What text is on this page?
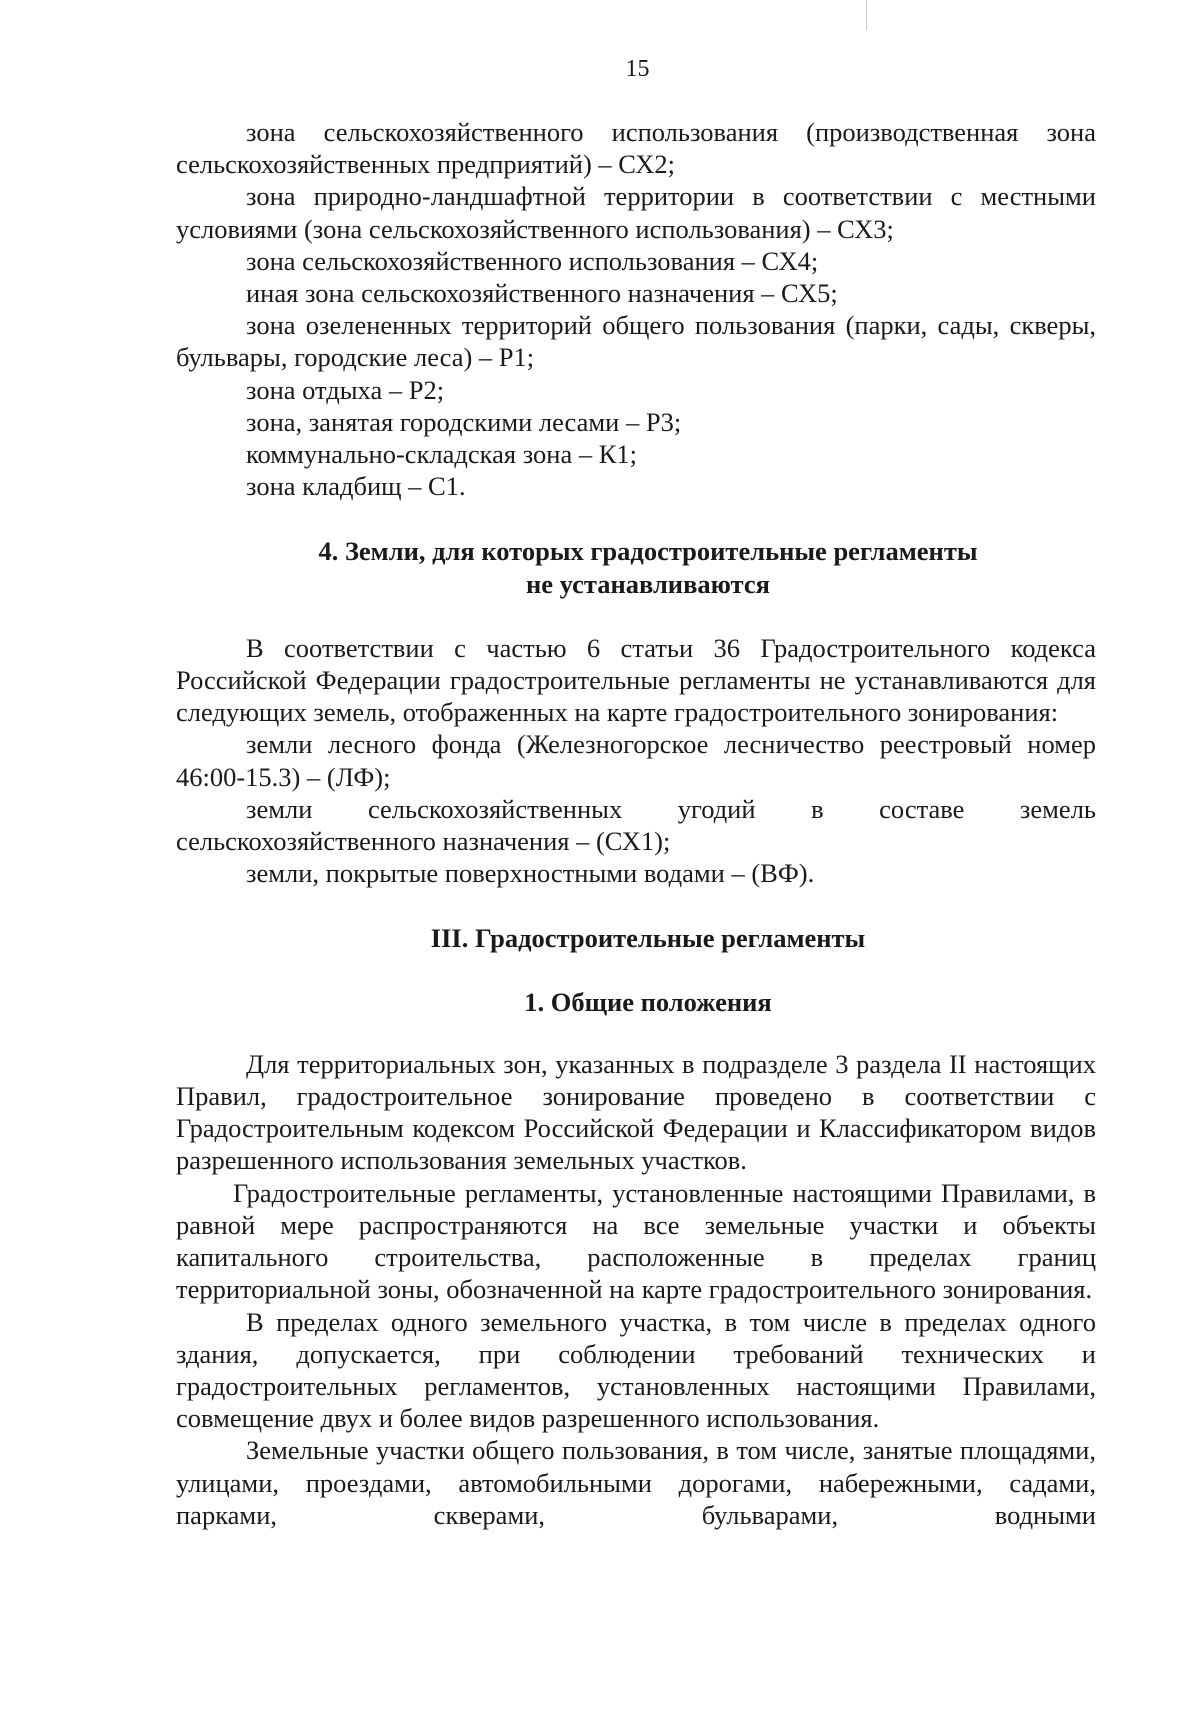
15

зона сельскохозяйственного использования (производственная зона сельскохозяйственных предприятий) – СХ2;

зона природно-ландшафтной территории в соответствии с местными условиями (зона сельскохозяйственного использования) – СХ3;

зона сельскохозяйственного использования – СХ4;

иная зона сельскохозяйственного назначения – СХ5;

зона озелененных территорий общего пользования (парки, сады, скверы, бульвары, городские леса) – Р1;

зона отдыха – Р2;

зона, занятая городскими лесами – Р3;

коммунально-складская зона – К1;

зона кладбищ – С1.

4. Земли, для которых градостроительные регламенты
не устанавливаются

В соответствии с частью 6 статьи 36 Градостроительного кодекса Российской Федерации градостроительные регламенты не устанавливаются для следующих земель, отображенных на карте градостроительного зонирования:

земли лесного фонда (Железногорское лесничество реестровый номер 46:00-15.3) – (ЛФ);

земли сельскохозяйственных угодий в составе земель сельскохозяйственного назначения – (СХ1);

земли, покрытые поверхностными водами – (ВФ).

III. Градостроительные регламенты
1. Общие положения

Для территориальных зон, указанных в подразделе 3 раздела II настоящих Правил, градостроительное зонирование проведено в соответствии с Градостроительным кодексом Российской Федерации и Классификатором видов разрешенного использования земельных участков.

Градостроительные регламенты, установленные настоящими Правилами, в равной мере распространяются на все земельные участки и объекты капитального строительства, расположенные в пределах границ территориальной зоны, обозначенной на карте градостроительного зонирования.

В пределах одного земельного участка, в том числе в пределах одного здания, допускается, при соблюдении требований технических и градостроительных регламентов, установленных настоящими Правилами, совмещение двух и более видов разрешенного использования.

Земельные участки общего пользования, в том числе, занятые площадями, улицами, проездами, автомобильными дорогами, набережными, садами, парками, скверами, бульварами, водными
